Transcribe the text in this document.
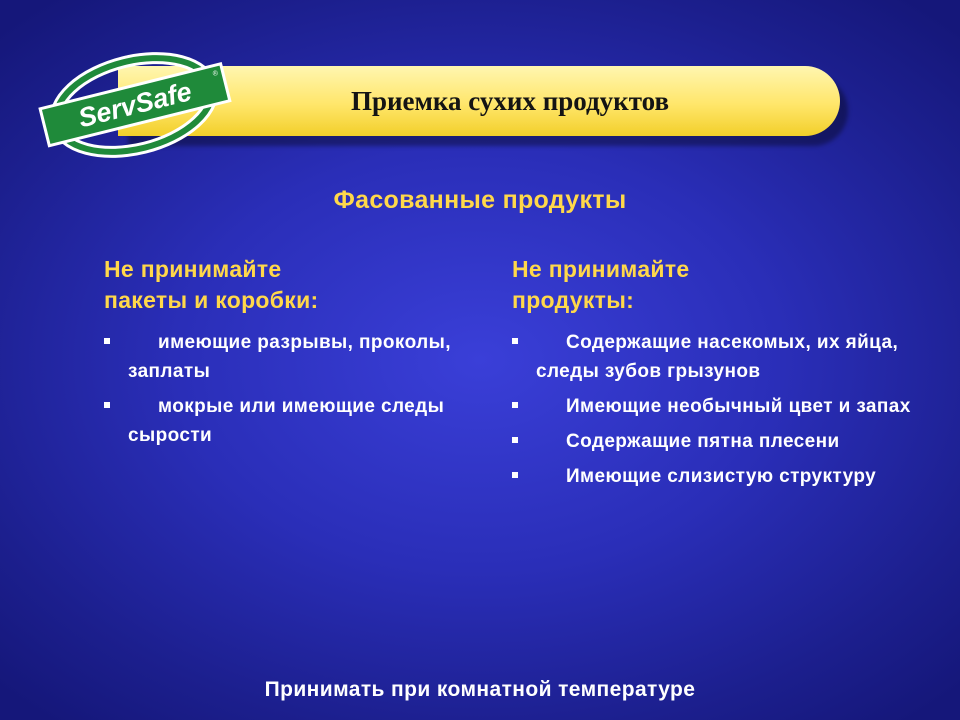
Приемка сухих продуктов
ServSafe
®
Фасованные продукты
Не принимайте
пакеты и коробки:
имеющие разрывы, проколы, заплаты
мокрые или имеющие следы сырости
Не принимайте
продукты:
Содержащие насекомых, их яйца, следы зубов грызунов
Имеющие необычный цвет и запах
Содержащие пятна плесени
Имеющие слизистую структуру
Принимать при комнатной температуре
